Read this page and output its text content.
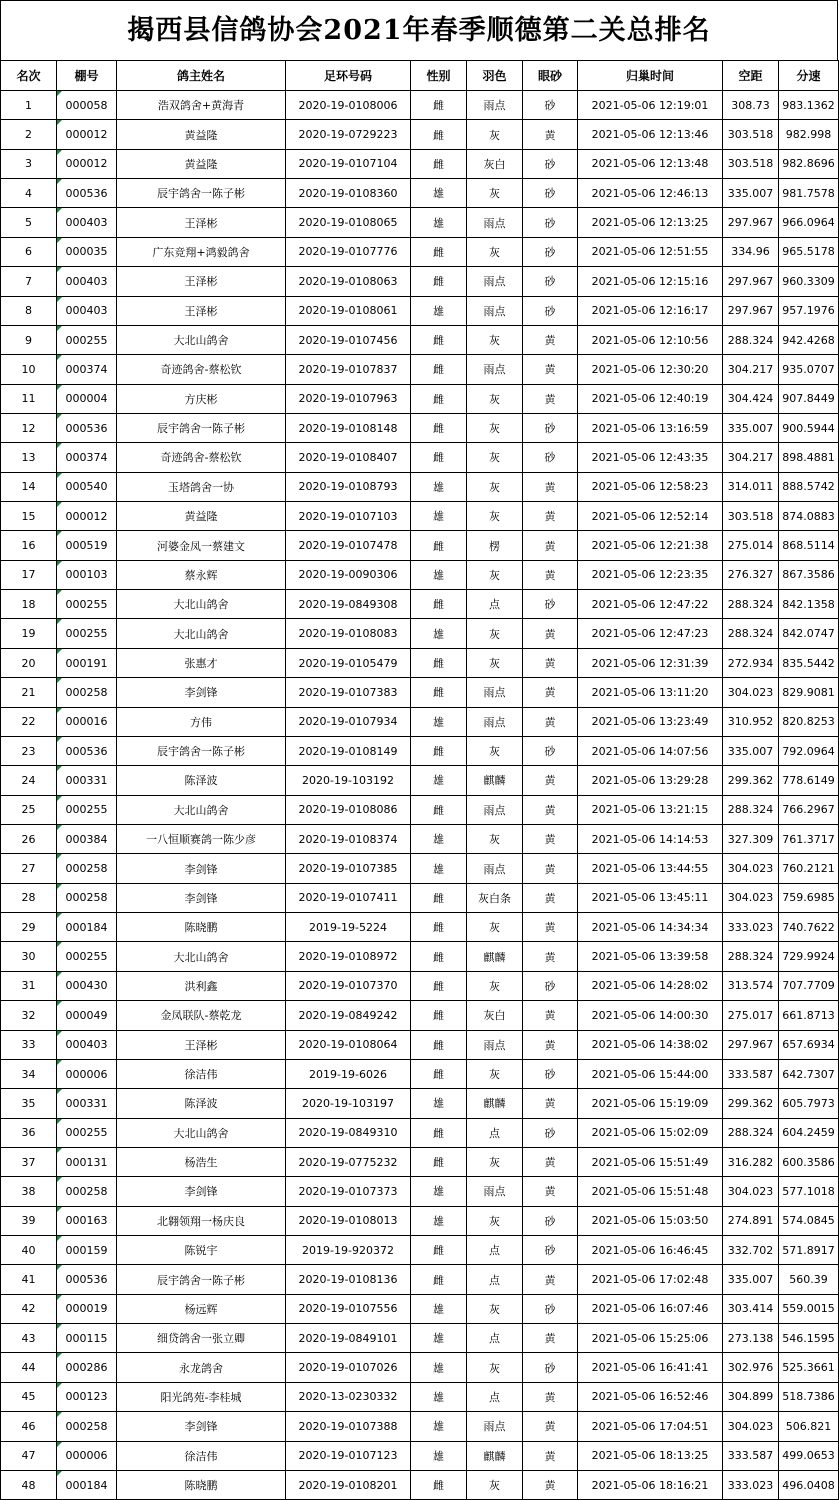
揭西县信鸽协会2021年春季顺德第二关总排名
名次	棚号	鸽主姓名	足环号码	性别	羽色	眼砂	归巢时间	空距	分速
1	000058	浩双鸽舍+黄海青	2020-19-0108006	雌	雨点	砂	2021-05-06 12:19:01	308.73	983.1362
2	000012	黄益隆	2020-19-0729223	雌	灰	黄	2021-05-06 12:13:46	303.518	982.998
3	000012	黄益隆	2020-19-0107104	雌	灰白	砂	2021-05-06 12:13:48	303.518	982.8696
4	000536	辰宇鸽舍一陈子彬	2020-19-0108360	雄	灰	砂	2021-05-06 12:46:13	335.007	981.7578
5	000403	王泽彬	2020-19-0108065	雄	雨点	砂	2021-05-06 12:13:25	297.967	966.0964
6	000035	广东竞翔+鸿毅鸽舍	2020-19-0107776	雌	灰	砂	2021-05-06 12:51:55	334.96	965.5178
7	000403	王泽彬	2020-19-0108063	雌	雨点	砂	2021-05-06 12:15:16	297.967	960.3309
8	000403	王泽彬	2020-19-0108061	雄	雨点	砂	2021-05-06 12:16:17	297.967	957.1976
9	000255	大北山鸽舍	2020-19-0107456	雌	灰	黄	2021-05-06 12:10:56	288.324	942.4268
10	000374	奇迹鸽舍-蔡松钦	2020-19-0107837	雌	雨点	黄	2021-05-06 12:30:20	304.217	935.0707
11	000004	方庆彬	2020-19-0107963	雌	灰	黄	2021-05-06 12:40:19	304.424	907.8449
12	000536	辰宇鸽舍一陈子彬	2020-19-0108148	雌	灰	砂	2021-05-06 13:16:59	335.007	900.5944
13	000374	奇迹鸽舍-蔡松钦	2020-19-0108407	雌	灰	砂	2021-05-06 12:43:35	304.217	898.4881
14	000540	玉塔鸽舍一协	2020-19-0108793	雄	灰	黄	2021-05-06 12:58:23	314.011	888.5742
15	000012	黄益隆	2020-19-0107103	雄	灰	黄	2021-05-06 12:52:14	303.518	874.0883
16	000519	河婆金凤一蔡建文	2020-19-0107478	雌	楞	黄	2021-05-06 12:21:38	275.014	868.5114
17	000103	蔡永辉	2020-19-0090306	雄	灰	黄	2021-05-06 12:23:35	276.327	867.3586
18	000255	大北山鸽舍	2020-19-0849308	雌	点	砂	2021-05-06 12:47:22	288.324	842.1358
19	000255	大北山鸽舍	2020-19-0108083	雄	灰	黄	2021-05-06 12:47:23	288.324	842.0747
20	000191	张惠才	2020-19-0105479	雌	灰	黄	2021-05-06 12:31:39	272.934	835.5442
21	000258	李剑锋	2020-19-0107383	雌	雨点	黄	2021-05-06 13:11:20	304.023	829.9081
22	000016	方伟	2020-19-0107934	雄	雨点	黄	2021-05-06 13:23:49	310.952	820.8253
23	000536	辰宇鸽舍一陈子彬	2020-19-0108149	雌	灰	砂	2021-05-06 14:07:56	335.007	792.0964
24	000331	陈泽波	2020-19-103192	雄	麒麟	黄	2021-05-06 13:29:28	299.362	778.6149
25	000255	大北山鸽舍	2020-19-0108086	雌	雨点	黄	2021-05-06 13:21:15	288.324	766.2967
26	000384	一八恒顺赛鸽一陈少彦	2020-19-0108374	雄	灰	黄	2021-05-06 14:14:53	327.309	761.3717
27	000258	李剑锋	2020-19-0107385	雄	雨点	黄	2021-05-06 13:44:55	304.023	760.2121
28	000258	李剑锋	2020-19-0107411	雌	灰白条	黄	2021-05-06 13:45:11	304.023	759.6985
29	000184	陈晓鹏	2019-19-5224	雌	灰	黄	2021-05-06 14:34:34	333.023	740.7622
30	000255	大北山鸽舍	2020-19-0108972	雌	麒麟	黄	2021-05-06 13:39:58	288.324	729.9924
31	000430	洪利鑫	2020-19-0107370	雌	灰	砂	2021-05-06 14:28:02	313.574	707.7709
32	000049	金凤联队-蔡乾龙	2020-19-0849242	雌	灰白	黄	2021-05-06 14:00:30	275.017	661.8713
33	000403	王泽彬	2020-19-0108064	雌	雨点	黄	2021-05-06 14:38:02	297.967	657.6934
34	000006	徐洁伟	2019-19-6026	雌	灰	砂	2021-05-06 15:44:00	333.587	642.7307
35	000331	陈泽波	2020-19-103197	雄	麒麟	黄	2021-05-06 15:19:09	299.362	605.7973
36	000255	大北山鸽舍	2020-19-0849310	雌	点	砂	2021-05-06 15:02:09	288.324	604.2459
37	000131	杨浩生	2020-19-0775232	雌	灰	黄	2021-05-06 15:51:49	316.282	600.3586
38	000258	李剑锋	2020-19-0107373	雄	雨点	黄	2021-05-06 15:51:48	304.023	577.1018
39	000163	北翱领翔一杨庆良	2020-19-0108013	雄	灰	砂	2021-05-06 15:03:50	274.891	574.0845
40	000159	陈锐宇	2019-19-920372	雌	点	砂	2021-05-06 16:46:45	332.702	571.8917
41	000536	辰宇鸽舍一陈子彬	2020-19-0108136	雌	点	黄	2021-05-06 17:02:48	335.007	560.39
42	000019	杨远辉	2020-19-0107556	雄	灰	砂	2021-05-06 16:07:46	303.414	559.0015
43	000115	细贷鸽舍一张立卿	2020-19-0849101	雄	点	黄	2021-05-06 15:25:06	273.138	546.1595
44	000286	永龙鸽舍	2020-19-0107026	雄	灰	砂	2021-05-06 16:41:41	302.976	525.3661
45	000123	阳光鸽苑-李桂城	2020-13-0230332	雄	点	黄	2021-05-06 16:52:46	304.899	518.7386
46	000258	李剑锋	2020-19-0107388	雄	雨点	黄	2021-05-06 17:04:51	304.023	506.821
47	000006	徐洁伟	2020-19-0107123	雄	麒麟	黄	2021-05-06 18:13:25	333.587	499.0653
48	000184	陈晓鹏	2020-19-0108201	雌	灰	黄	2021-05-06 18:16:21	333.023	496.0408
